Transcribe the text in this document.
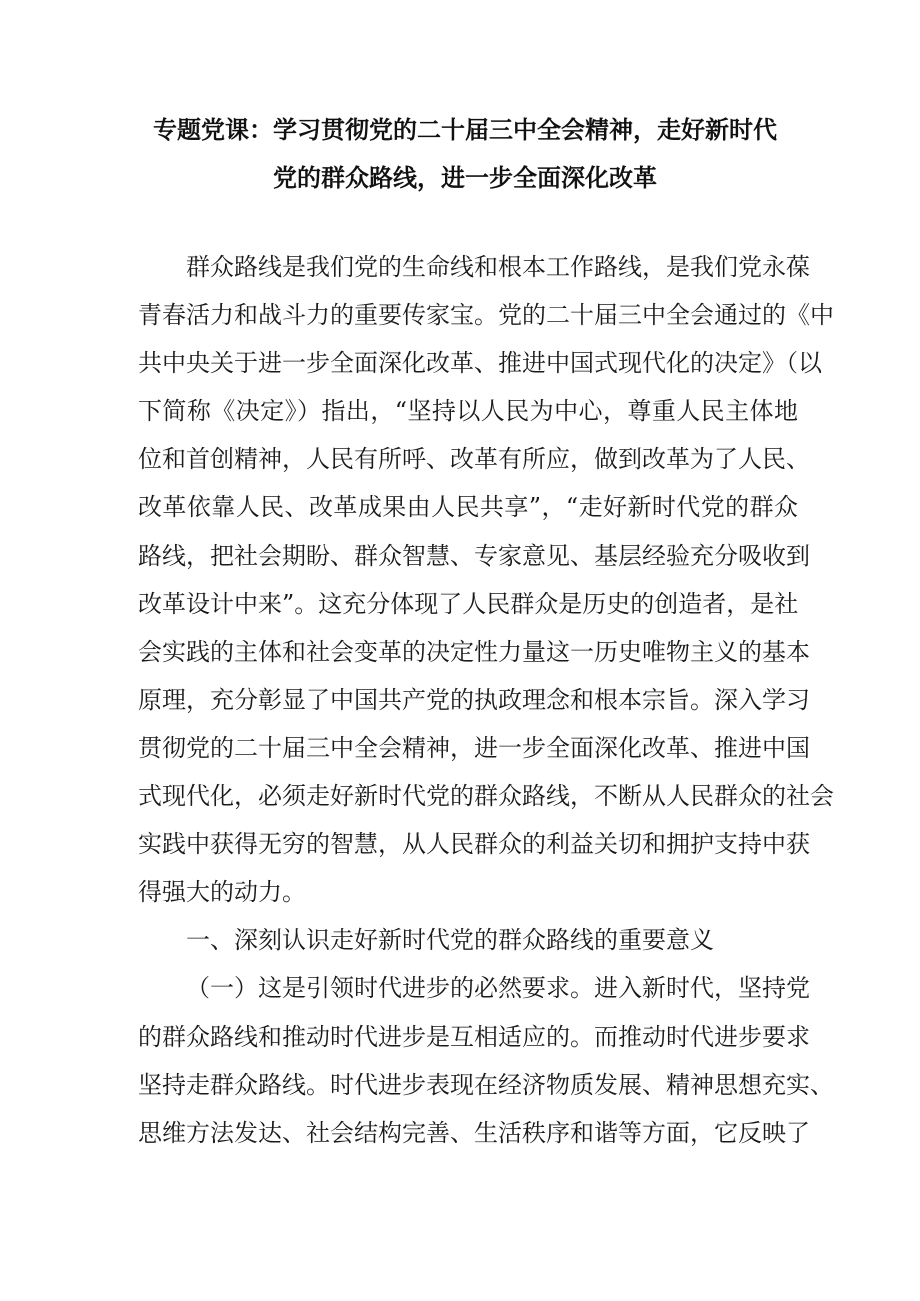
专题党课：学习贯彻党的二十届三中全会精神，走好新时代
党的群众路线，进一步全面深化改革
群众路线是我们党的生命线和根本工作路线，是我们党永葆
青春活力和战斗力的重要传家宝。党的二十届三中全会通过的《中
共中央关于进一步全面深化改革、推进中国式现代化的决定》（以
下简称《决定》）指出，“坚持以人民为中心，尊重人民主体地
位和首创精神，人民有所呼、改革有所应，做到改革为了人民、
改革依靠人民、改革成果由人民共享”，“走好新时代党的群众
路线，把社会期盼、群众智慧、专家意见、基层经验充分吸收到
改革设计中来”。这充分体现了人民群众是历史的创造者，是社
会实践的主体和社会变革的决定性力量这一历史唯物主义的基本
原理，充分彰显了中国共产党的执政理念和根本宗旨。深入学习
贯彻党的二十届三中全会精神，进一步全面深化改革、推进中国
式现代化，必须走好新时代党的群众路线，不断从人民群众的社会
实践中获得无穷的智慧，从人民群众的利益关切和拥护支持中获
得强大的动力。
一、深刻认识走好新时代党的群众路线的重要意义
（一）这是引领时代进步的必然要求。进入新时代，坚持党
的群众路线和推动时代进步是互相适应的。而推动时代进步要求
坚持走群众路线。时代进步表现在经济物质发展、精神思想充实、
思维方法发达、社会结构完善、生活秩序和谐等方面，它反映了
